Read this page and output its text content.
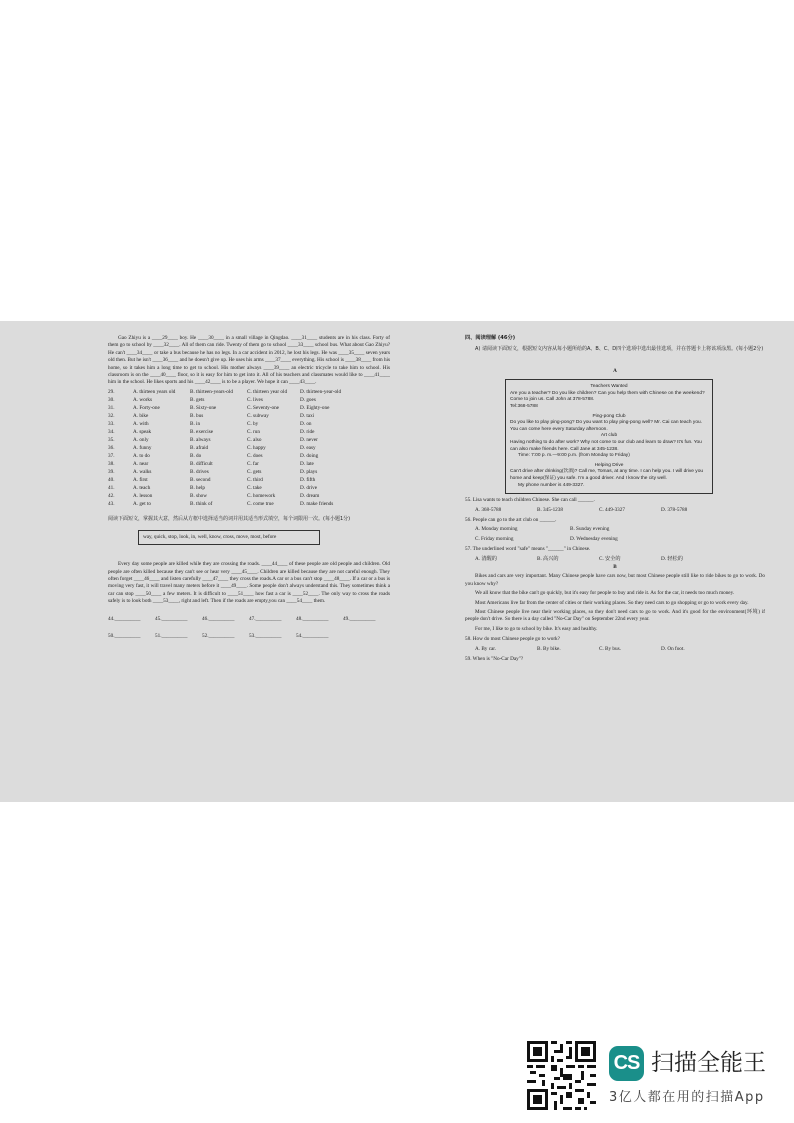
Gao Zhiyu is a ____29____ boy. He ____30____ in a small village in Qingdao. ____31____ students are in his class. Forty of them go to school by ____32____. All of them can ride. Twenty of them go to school ____33____ school bus. What about Gao Zhiyu? He can't ____34____ or take a bus because he has no legs. In a car accident in 2012, he lost his legs. He was ____35____ seven years old then. But he isn't ____36____ and he doesn't give up. He uses his arms ____37____ everything. His school is ____38____ from his home, so it takes him a long time to get to school. His mother always ____39____ an electric tricycle to take him to school. His classroom is on the ____40____ floor, so it is easy for him to get into it. All of his teachers and classmates would like to ____41____ him in the school. He likes sports and his ____42____ is to be a player. We hope it can ____43____.

29.	A. thirteen years old	B. thirteen-years-old	C. thirteen year old	D. thirteen-year-old
30.	A. works	B. gets	C. lives	D. goes
31.	A. Forty-one	B. Sixty-one	C. Seventy-one	D. Eighty-one
32.	A. bike	B. bus	C. subway	D. taxi
33.	A. with	B. in	C. by	D. on
34.	A. speak	B. exercise	C. run	D. ride
35.	A. only	B. always	C. also	D. never
36.	A. funny	B. afraid	C. happy	D. easy
37.	A. to do	B. do	C. does	D. doing
38.	A. near	B. difficult	C. far	D. late
39.	A. walks	B. drives	C. gets	D. plays
40.	A. first	B. second	C. third	D. fifth
41.	A. teach	B. help	C. take	D. drive
42.	A. lesson	B. show	C. homework	D. dream
43.	A. get to	B. think of	C. come true	D. make friends

阅读下面短文，掌握其大意，然后从方框中选择适当的词并用其适当形式填空，每个词限用一次。(每小题1分)

way, quick, stop, look, in, well, know, cross, move, most, before

Every day some people are killed while they are crossing the roads. ____44____ of these people are old people and children. Old people are often killed because they can't see or hear very ____45____. Children are killed because they are not careful enough. They often forget ____46____ and listen carefully ____47____ they cross the roads.A car or a bus can't stop ____48____. If a car or a bus is moving very fast, it will travel many meters before it ____49____. Some people don't always understand this. They sometimes think a car can stop ____50____ a few meters. It is difficult to ____51____ how fast a car is ____52____. The only way to cross the roads safely is to look both ____53____, right and left. Then if the roads are empty,you can ____54____ them.

44.__________	45.__________	46.__________	47.__________	48.__________	49.__________
50.__________	51.__________	52.__________	53.__________	54.__________

四、阅读理解 (46分)

A) 请阅读下面短文，根据短文内容从每小题所给的A、B、C、D四个选项中选出最佳选项，并在答题卡上将该项涂黑。(每小题2分)

A

Teachers Wanted

Are you a teacher? Do you like children? Can you help them with Chinese on the weekend? Come to join us. Call John at 378-5788.

Tel:368-5788

Ping-pong Club

Do you like to play ping-pong? Do you want to play ping-pong well? Mr. Cai can teach you. You can come here every Saturday afternoon.

Art club

Having nothing to do after work? Why not come to our club and learn to draw? It's fun. You can also make friends here. Call Jane at 345-1238.

Time: 7:00 p. m.—9:00 p.m. (from Monday to Friday)

Helping Drive

Can't drive after drinking(饮酒)? Call me, Tomas, at any time. I can help you. I will drive you home and keep(保证) you safe. I'm a good driver. And I know the city well.

My phone number is 449-3327.

55. Lisa wants to teach children Chinese. She can call ______.

A. 368-5788	B. 345-1238	C. 449-3327	D. 378-5788

56. People can go to the art club on ______.

A. Monday morning	B. Sunday evening
C. Friday morning	D. Wednesday evening

57. The underlined word "safe" means "______" in Chinese.

A. 清醒的	B. 高兴的	C. 安全的	D. 轻松的

B

Bikes and cars are very important. Many Chinese people have cars now, but most Chinese people still like to ride bikes to go to work. Do you know why?

We all know that the bike can't go quickly, but it's easy for people to buy and ride it. As for the car, it needs too much money.

Most Americans live far from the center of cities or their working places. So they need cars to go shopping or go to work every day.

Most Chinese people live near their working places, so they don't need cars to go to work. And it's good for the environment(环境) if people don't drive. So there is a day called "No-Car Day" on September 22nd every year.

For me, I like to go to school by bike. It's easy and healthy.

58. How do most Chinese people go to work?

A. By car.	B. By bike.	C. By bus.	D. On foot.

59. When is "No-Car Day"?

CS 扫描全能王
3亿人都在用的扫描App
